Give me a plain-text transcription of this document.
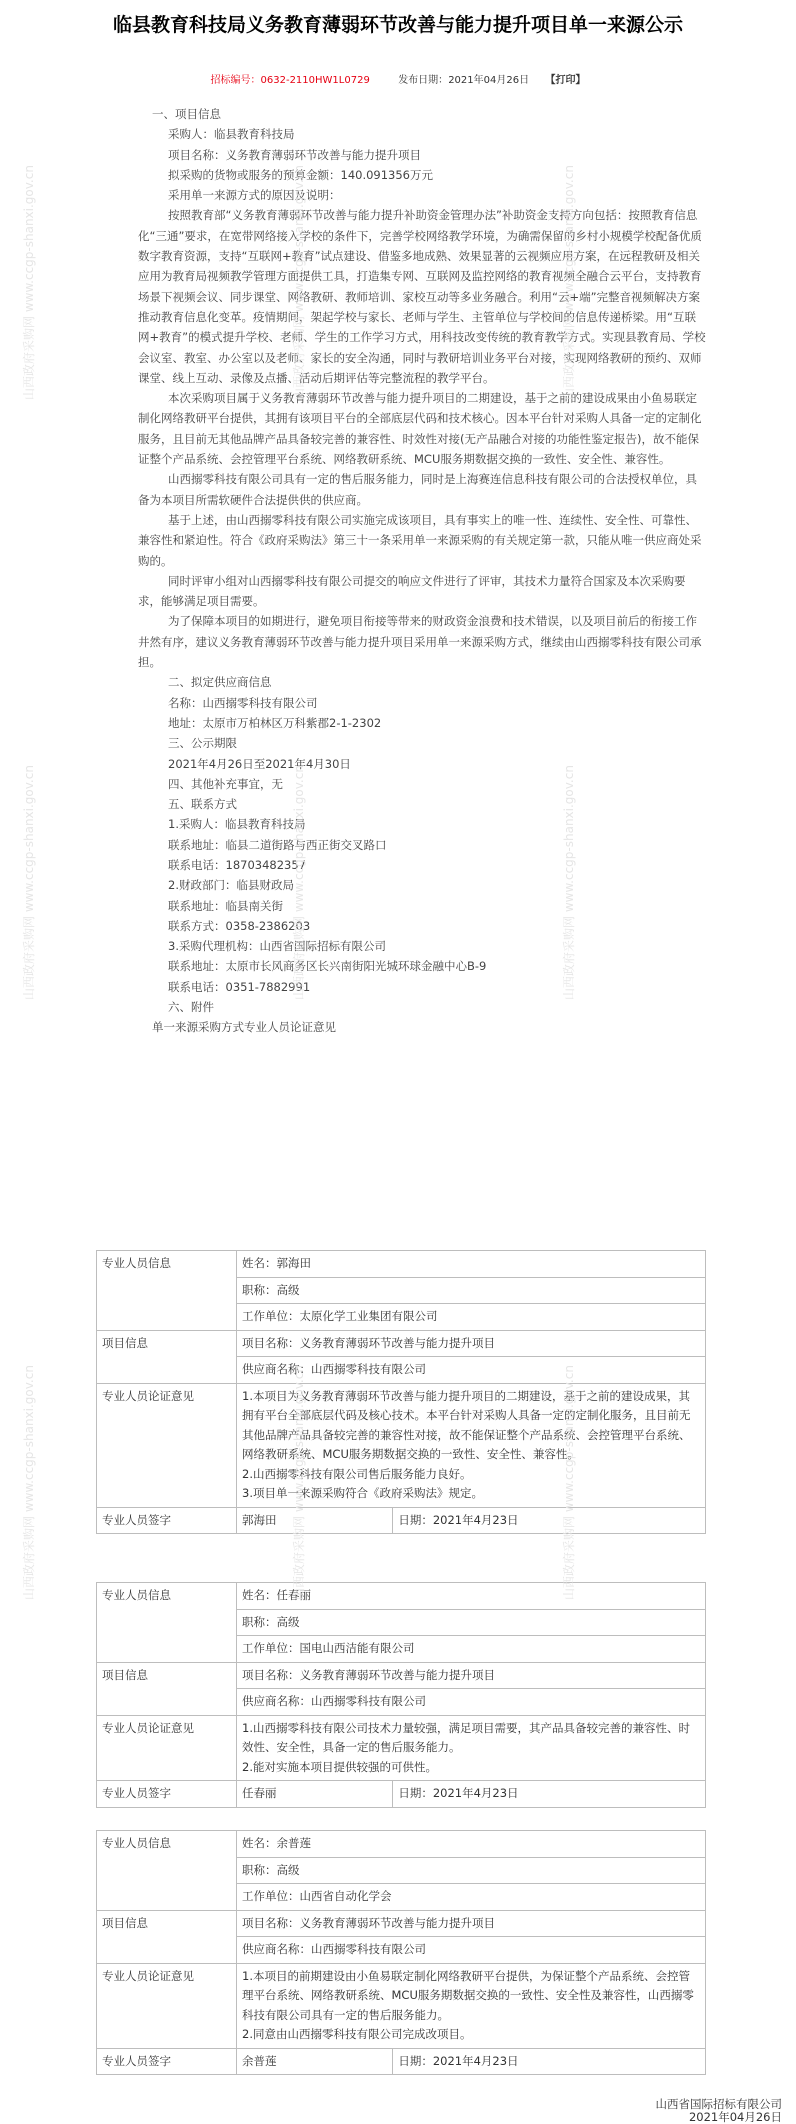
临县教育科技局义务教育薄弱环节改善与能力提升项目单一来源公示
招标编号：0632-2110HW1L0729	发布日期：2021年04月26日 【打印】

一、项目信息

采购人：临县教育科技局

项目名称：义务教育薄弱环节改善与能力提升项目

拟采购的货物或服务的预算金额：140.091356万元

采用单一来源方式的原因及说明：

按照教育部“义务教育薄弱环节改善与能力提升补助资金管理办法”补助资金支持方向包括：按照教育信息化“三通”要求，在宽带网络接入学校的条件下，完善学校网络教学环境，为确需保留的乡村小规模学校配备优质数字教育资源，支持“互联网+教育”试点建设、借鉴多地成熟、效果显著的云视频应用方案，在远程教研及相关应用为教育局视频教学管理方面提供工具，打造集专网、互联网及监控网络的教育视频全融合云平台，支持教育场景下视频会议、同步课堂、网络教研、教师培训、家校互动等多业务融合。利用“云+端”完整音视频解决方案推动教育信息化变革。疫情期间，架起学校与家长、老师与学生、主管单位与学校间的信息传递桥梁。用“互联网+教育”的模式提升学校、老师、学生的工作学习方式，用科技改变传统的教育教学方式。实现县教育局、学校会议室、教室、办公室以及老师、家长的安全沟通，同时与教研培训业务平台对接，实现网络教研的预约、双师课堂、线上互动、录像及点播、活动后期评估等完整流程的教学平台。

本次采购项目属于义务教育薄弱环节改善与能力提升项目的二期建设，基于之前的建设成果由小鱼易联定制化网络教研平台提供，其拥有该项目平台的全部底层代码和技术核心。因本平台针对采购人具备一定的定制化服务，且目前无其他品牌产品具备较完善的兼容性、时效性对接(无产品融合对接的功能性鉴定报告)，故不能保证整个产品系统、会控管理平台系统、网络教研系统、MCU服务期数据交换的一致性、安全性、兼容性。

山西搦零科技有限公司具有一定的售后服务能力，同时是上海赛连信息科技有限公司的合法授权单位，具备为本项目所需软硬件合法提供供的供应商。

基于上述，由山西搦零科技有限公司实施完成该项目，具有事实上的唯一性、连续性、安全性、可靠性、兼容性和紧迫性。符合《政府采购法》第三十一条采用单一来源采购的有关规定第一款，只能从唯一供应商处采购的。

同时评审小组对山西搦零科技有限公司提交的响应文件进行了评审，其技术力量符合国家及本次采购要求，能够满足项目需要。

为了保障本项目的如期进行，避免项目衔接等带来的财政资金浪费和技术错误，以及项目前后的衔接工作井然有序，建议义务教育薄弱环节改善与能力提升项目采用单一来源采购方式，继续由山西搦零科技有限公司承担。

二、拟定供应商信息

名称：山西搦零科技有限公司

地址：太原市万柏林区万科紫郡2-1-2302

三、公示期限

2021年4月26日至2021年4月30日

四、其他补充事宜，无

五、联系方式

1.采购人：临县教育科技局

联系地址：临县二道街路与西正街交叉路口

联系电话：18703482357

2.财政部门：临县财政局

联系地址：临县南关街

联系方式：0358-2386203

3.采购代理机构：山西省国际招标有限公司

联系地址：太原市长风商务区长兴南街阳光城环球金融中心B-9

联系电话：0351-7882991

六、附件

单一来源采购方式专业人员论证意见

专业人员信息	姓名：郭海田	
	职称：高级	
	工作单位：太原化学工业集团有限公司	
项目信息	项目名称：义务教育薄弱环节改善与能力提升项目	
	供应商名称：山西搦零科技有限公司	
专业人员论证意见	1.本项目为义务教育薄弱环节改善与能力提升项目的二期建设，基于之前的建设成果，其拥有平台全部底层代码及核心技术。本平台针对采购人具备一定的定制化服务，且目前无其他品牌产品具备较完善的兼容性对接，故不能保证整个产品系统、会控管理平台系统、网络教研系统、MCU服务期数据交换的一致性、安全性、兼容性。
2.山西搦零科技有限公司售后服务能力良好。
3.项目单一来源采购符合《政府采购法》规定。	

专业人员签字	郭海田	日期：2021年4月23日
专业人员信息	姓名：任春丽	
	职称：高级	
	工作单位：国电山西洁能有限公司	
项目信息	项目名称：义务教育薄弱环节改善与能力提升项目	
	供应商名称：山西搦零科技有限公司	
专业人员论证意见	1.山西搦零科技有限公司技术力量较强，满足项目需要，其产品具备较完善的兼容性、时效性、安全性，具备一定的售后服务能力。
2.能对实施本项目提供较强的可供性。	

专业人员签字	任春丽	日期：2021年4月23日
专业人员信息	姓名：余普莲	
	职称：高级	
	工作单位：山西省自动化学会	
项目信息	项目名称：义务教育薄弱环节改善与能力提升项目	
	供应商名称：山西搦零科技有限公司	
专业人员论证意见	1.本项目的前期建设由小鱼易联定制化网络教研平台提供，为保证整个产品系统、会控管理平台系统、网络教研系统、MCU服务期数据交换的一致性、安全性及兼容性，山西搦零科技有限公司具有一定的售后服务能力。
2.同意由山西搦零科技有限公司完成改项目。	

专业人员签字	余普莲	日期：2021年4月23日
山西省国际招标有限公司
2021年04月26日
山西政府采购网 www.ccgp-shanxi.gov.cn
山西政府采购网 www.ccgp-shanxi.gov.cn
山西政府采购网 www.ccgp-shanxi.gov.cn
山西政府采购网 www.ccgp-shanxi.gov.cn
山西政府采购网 www.ccgp-shanxi.gov.cn
山西政府采购网 www.ccgp-shanxi.gov.cn
山西政府采购网 www.ccgp-shanxi.gov.cn
山西政府采购网 www.ccgp-shanxi.gov.cn
山西政府采购网 www.ccgp-shanxi.gov.cn
